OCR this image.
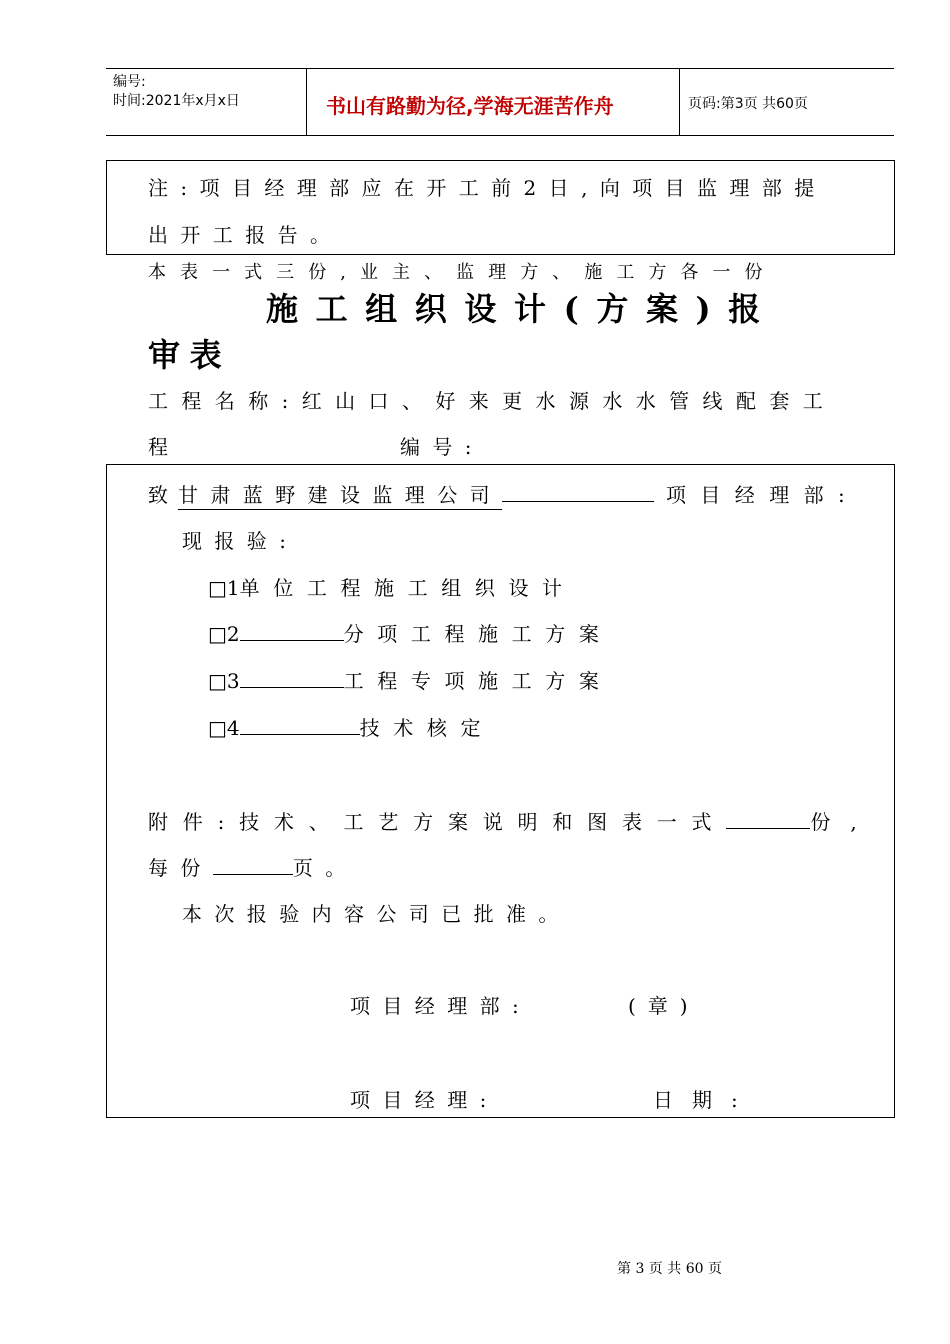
编号:
时间:2021年x月x日	书山有路勤为径,学海无涯苦作舟	页码:第3页 共60页
注:项目经理部应在开工前2日,向项目监理部提
出开工报告。
本表一式三份,业主、监理方、施工方各一份
施工组织设计(方案)报
审表
工程名称:红山口、好来更水源水水管线配套工
程	编号:
致甘肃蓝野建设监理公司	项目经理部:
现报验:
□1单位工程施工组织设计
□2	分项工程施工方案
□3	工程专项施工方案
□4	技术核定
附件:技术、工艺方案说明和图表一式	份,
每份	页。
本次报验内容公司已批准。
项目经理部:	(章)
项目经理:	日期:
第 3 页 共 60 页
